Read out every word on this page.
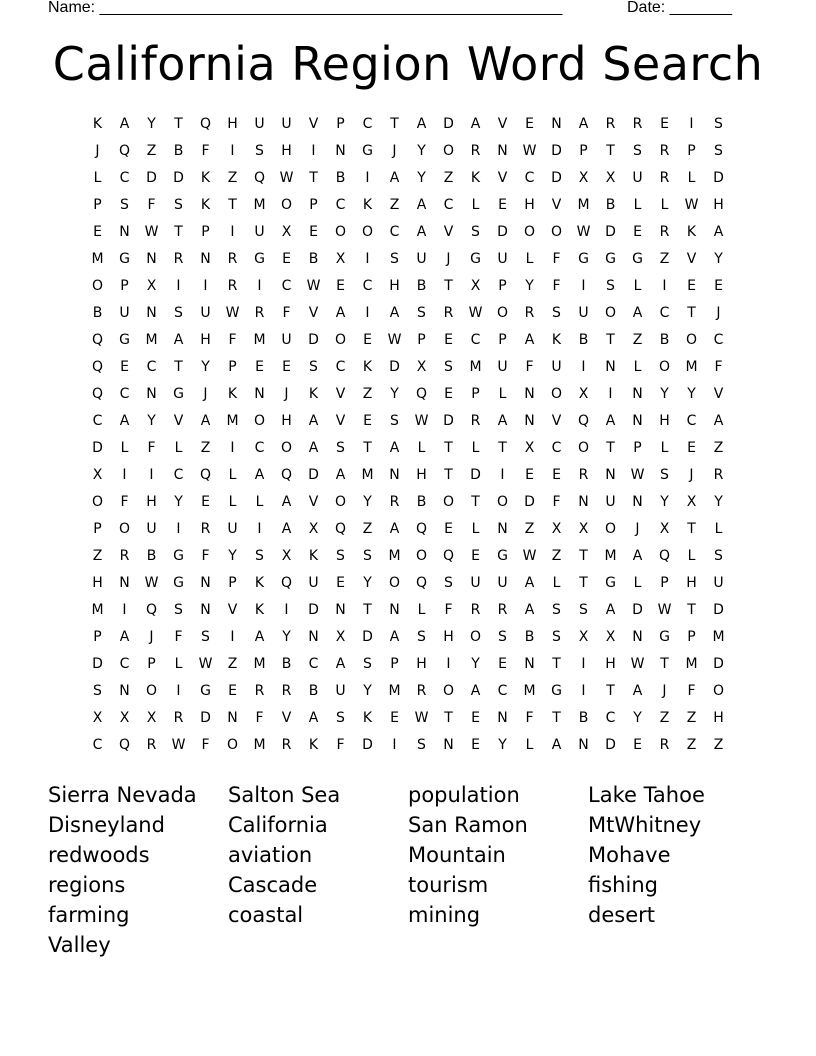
Name: ____________________________________________________	Date: _______
California Region Word Search
K	A	Y	T	Q	H	U	U	V	P	C	T	A	D	A	V	E	N	A	R	R	E	I	S
J	Q	Z	B	F	I	S	H	I	N	G	J	Y	O	R	N	W	D	P	T	S	R	P	S
L	C	D	D	K	Z	Q	W	T	B	I	A	Y	Z	K	V	C	D	X	X	U	R	L	D
P	S	F	S	K	T	M	O	P	C	K	Z	A	C	L	E	H	V	M	B	L	L	W	H
E	N	W	T	P	I	U	X	E	O	O	C	A	V	S	D	O	O	W	D	E	R	K	A
M	G	N	R	N	R	G	E	B	X	I	S	U	J	G	U	L	F	G	G	G	Z	V	Y
O	P	X	I	I	R	I	C	W	E	C	H	B	T	X	P	Y	F	I	S	L	I	E	E
B	U	N	S	U	W	R	F	V	A	I	A	S	R	W	O	R	S	U	O	A	C	T	J
Q	G	M	A	H	F	M	U	D	O	E	W	P	E	C	P	A	K	B	T	Z	B	O	C
Q	E	C	T	Y	P	E	E	S	C	K	D	X	S	M	U	F	U	I	N	L	O	M	F
Q	C	N	G	J	K	N	J	K	V	Z	Y	Q	E	P	L	N	O	X	I	N	Y	Y	V
C	A	Y	V	A	M	O	H	A	V	E	S	W	D	R	A	N	V	Q	A	N	H	C	A
D	L	F	L	Z	I	C	O	A	S	T	A	L	T	L	T	X	C	O	T	P	L	E	Z
X	I	I	C	Q	L	A	Q	D	A	M	N	H	T	D	I	E	E	R	N	W	S	J	R
O	F	H	Y	E	L	L	A	V	O	Y	R	B	O	T	O	D	F	N	U	N	Y	X	Y
P	O	U	I	R	U	I	A	X	Q	Z	A	Q	E	L	N	Z	X	X	O	J	X	T	L
Z	R	B	G	F	Y	S	X	K	S	S	M	O	Q	E	G	W	Z	T	M	A	Q	L	S
H	N	W	G	N	P	K	Q	U	E	Y	O	Q	S	U	U	A	L	T	G	L	P	H	U
M	I	Q	S	N	V	K	I	D	N	T	N	L	F	R	R	A	S	S	A	D	W	T	D
P	A	J	F	S	I	A	Y	N	X	D	A	S	H	O	S	B	S	X	X	N	G	P	M
D	C	P	L	W	Z	M	B	C	A	S	P	H	I	Y	E	N	T	I	H	W	T	M	D
S	N	O	I	G	E	R	R	B	U	Y	M	R	O	A	C	M	G	I	T	A	J	F	O
X	X	X	R	D	N	F	V	A	S	K	E	W	T	E	N	F	T	B	C	Y	Z	Z	H
C	Q	R	W	F	O	M	R	K	F	D	I	S	N	E	Y	L	A	N	D	E	R	Z	Z
Sierra Nevada	Salton Sea	population	Lake Tahoe
Disneyland	California	San Ramon	MtWhitney
redwoods	aviation	Mountain	Mohave
regions	Cascade	tourism	fishing
farming	coastal	mining	desert
Valley
